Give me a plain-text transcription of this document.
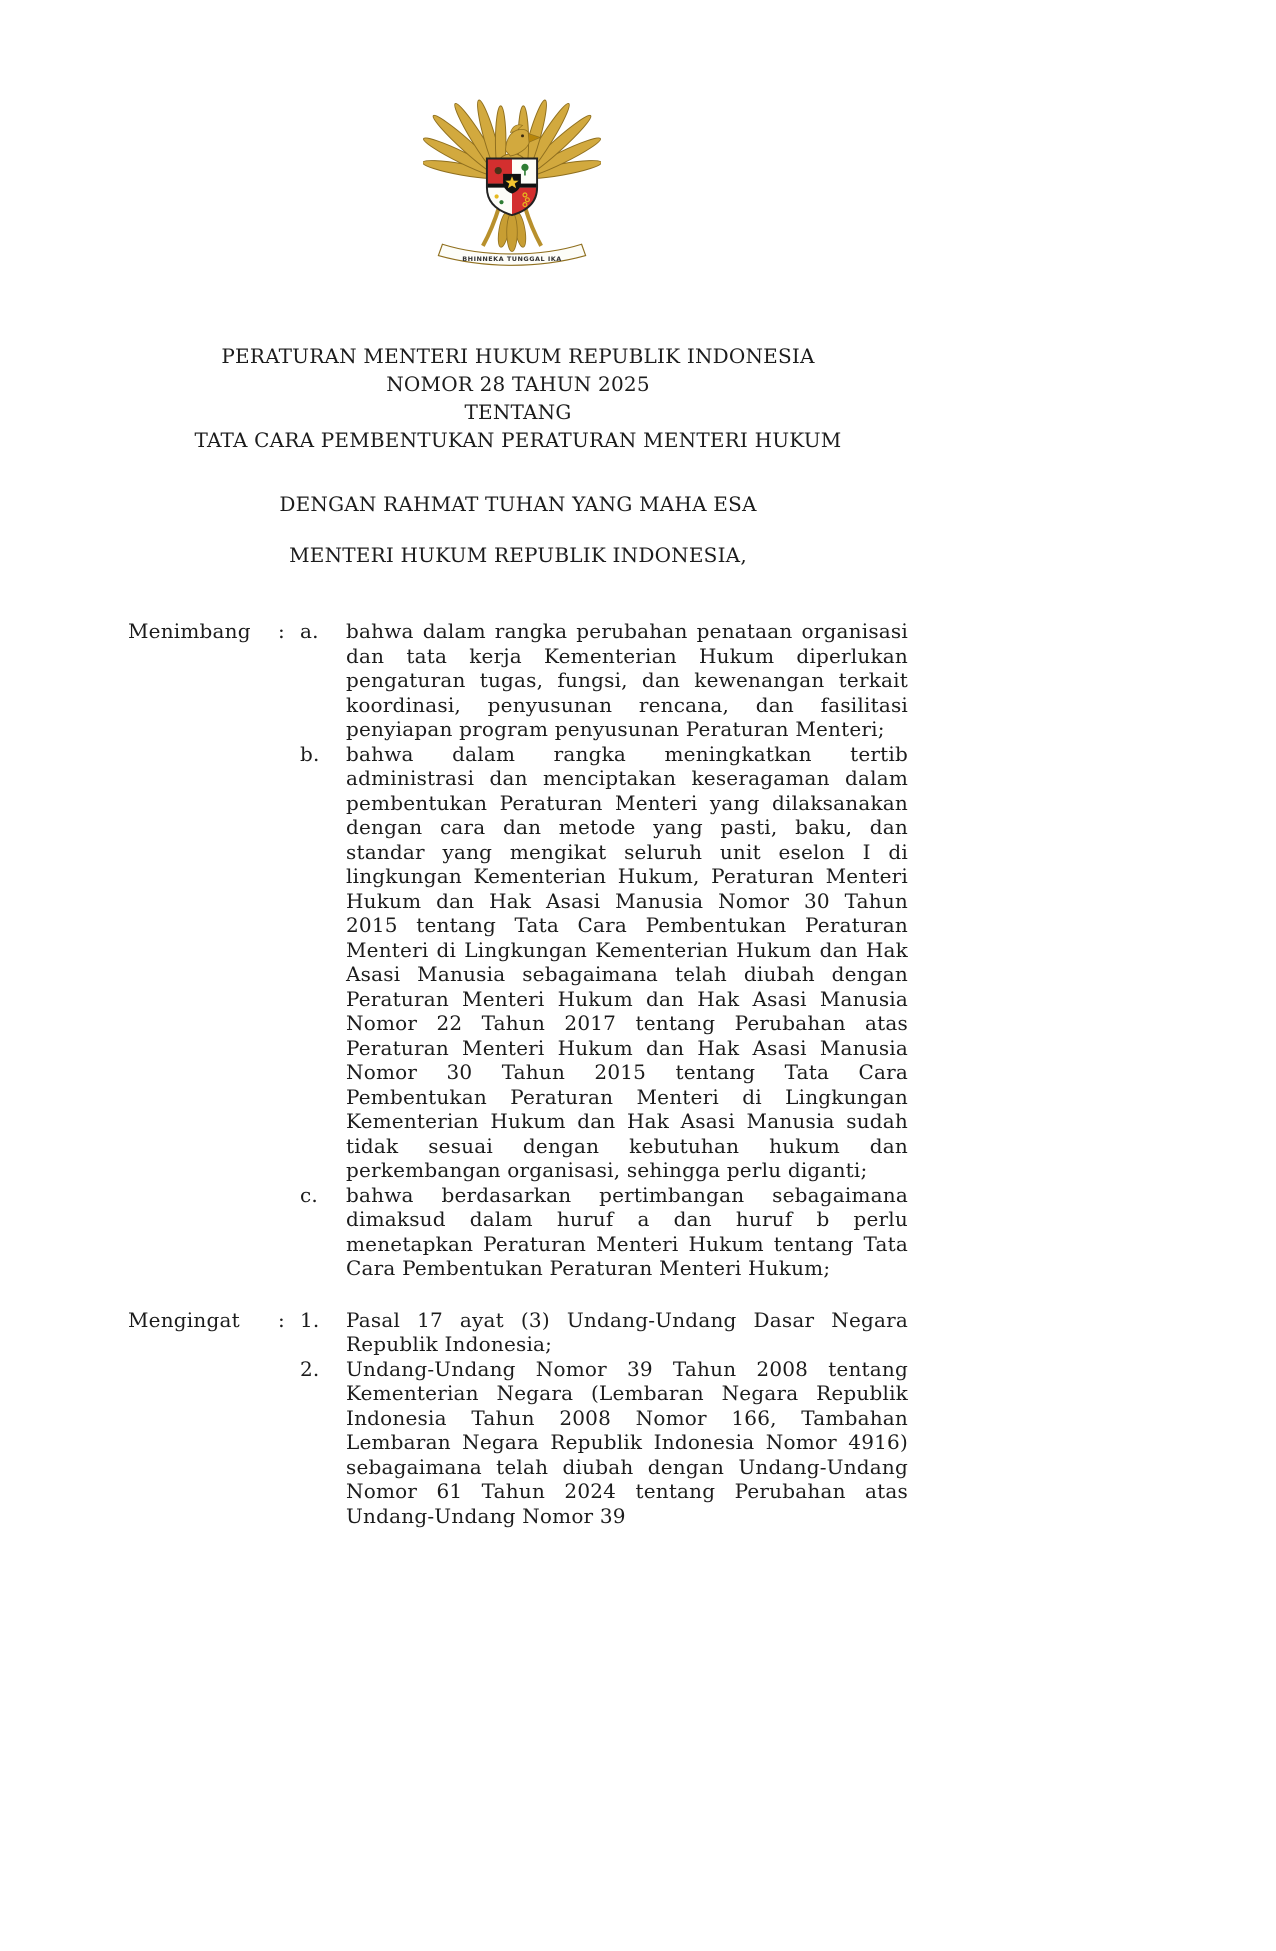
BHINNEKA TUNGGAL IKA
PERATURAN MENTERI HUKUM REPUBLIK INDONESIA
NOMOR 28 TAHUN 2025
TENTANG
TATA CARA PEMBENTUKAN PERATURAN MENTERI HUKUM
DENGAN RAHMAT TUHAN YANG MAHA ESA
MENTERI HUKUM REPUBLIK INDONESIA,
Menimbang	: a.	bahwa dalam rangka perubahan penataan organisasi dan tata kerja Kementerian Hukum diperlukan pengaturan tugas, fungsi, dan kewenangan terkait koordinasi, penyusunan rencana, dan fasilitasi penyiapan program penyusunan Peraturan Menteri;
b.	bahwa dalam rangka meningkatkan tertib administrasi dan menciptakan keseragaman dalam pembentukan Peraturan Menteri yang dilaksanakan dengan cara dan metode yang pasti, baku, dan standar yang mengikat seluruh unit eselon I di lingkungan Kementerian Hukum, Peraturan Menteri Hukum dan Hak Asasi Manusia Nomor 30 Tahun 2015 tentang Tata Cara Pembentukan Peraturan Menteri di Lingkungan Kementerian Hukum dan Hak Asasi Manusia sebagaimana telah diubah dengan Peraturan Menteri Hukum dan Hak Asasi Manusia Nomor 22 Tahun 2017 tentang Perubahan atas Peraturan Menteri Hukum dan Hak Asasi Manusia Nomor 30 Tahun 2015 tentang Tata Cara Pembentukan Peraturan Menteri di Lingkungan Kementerian Hukum dan Hak Asasi Manusia sudah tidak sesuai dengan kebutuhan hukum dan perkembangan organisasi, sehingga perlu diganti;
c.	bahwa berdasarkan pertimbangan sebagaimana dimaksud dalam huruf a dan huruf b perlu menetapkan Peraturan Menteri Hukum tentang Tata Cara Pembentukan Peraturan Menteri Hukum;
Mengingat	: 1.	Pasal 17 ayat (3) Undang-Undang Dasar Negara Republik Indonesia;
2.	Undang-Undang Nomor 39 Tahun 2008 tentang Kementerian Negara (Lembaran Negara Republik Indonesia Tahun 2008 Nomor 166, Tambahan Lembaran Negara Republik Indonesia Nomor 4916) sebagaimana telah diubah dengan Undang-Undang Nomor 61 Tahun 2024 tentang Perubahan atas Undang-Undang Nomor 39
